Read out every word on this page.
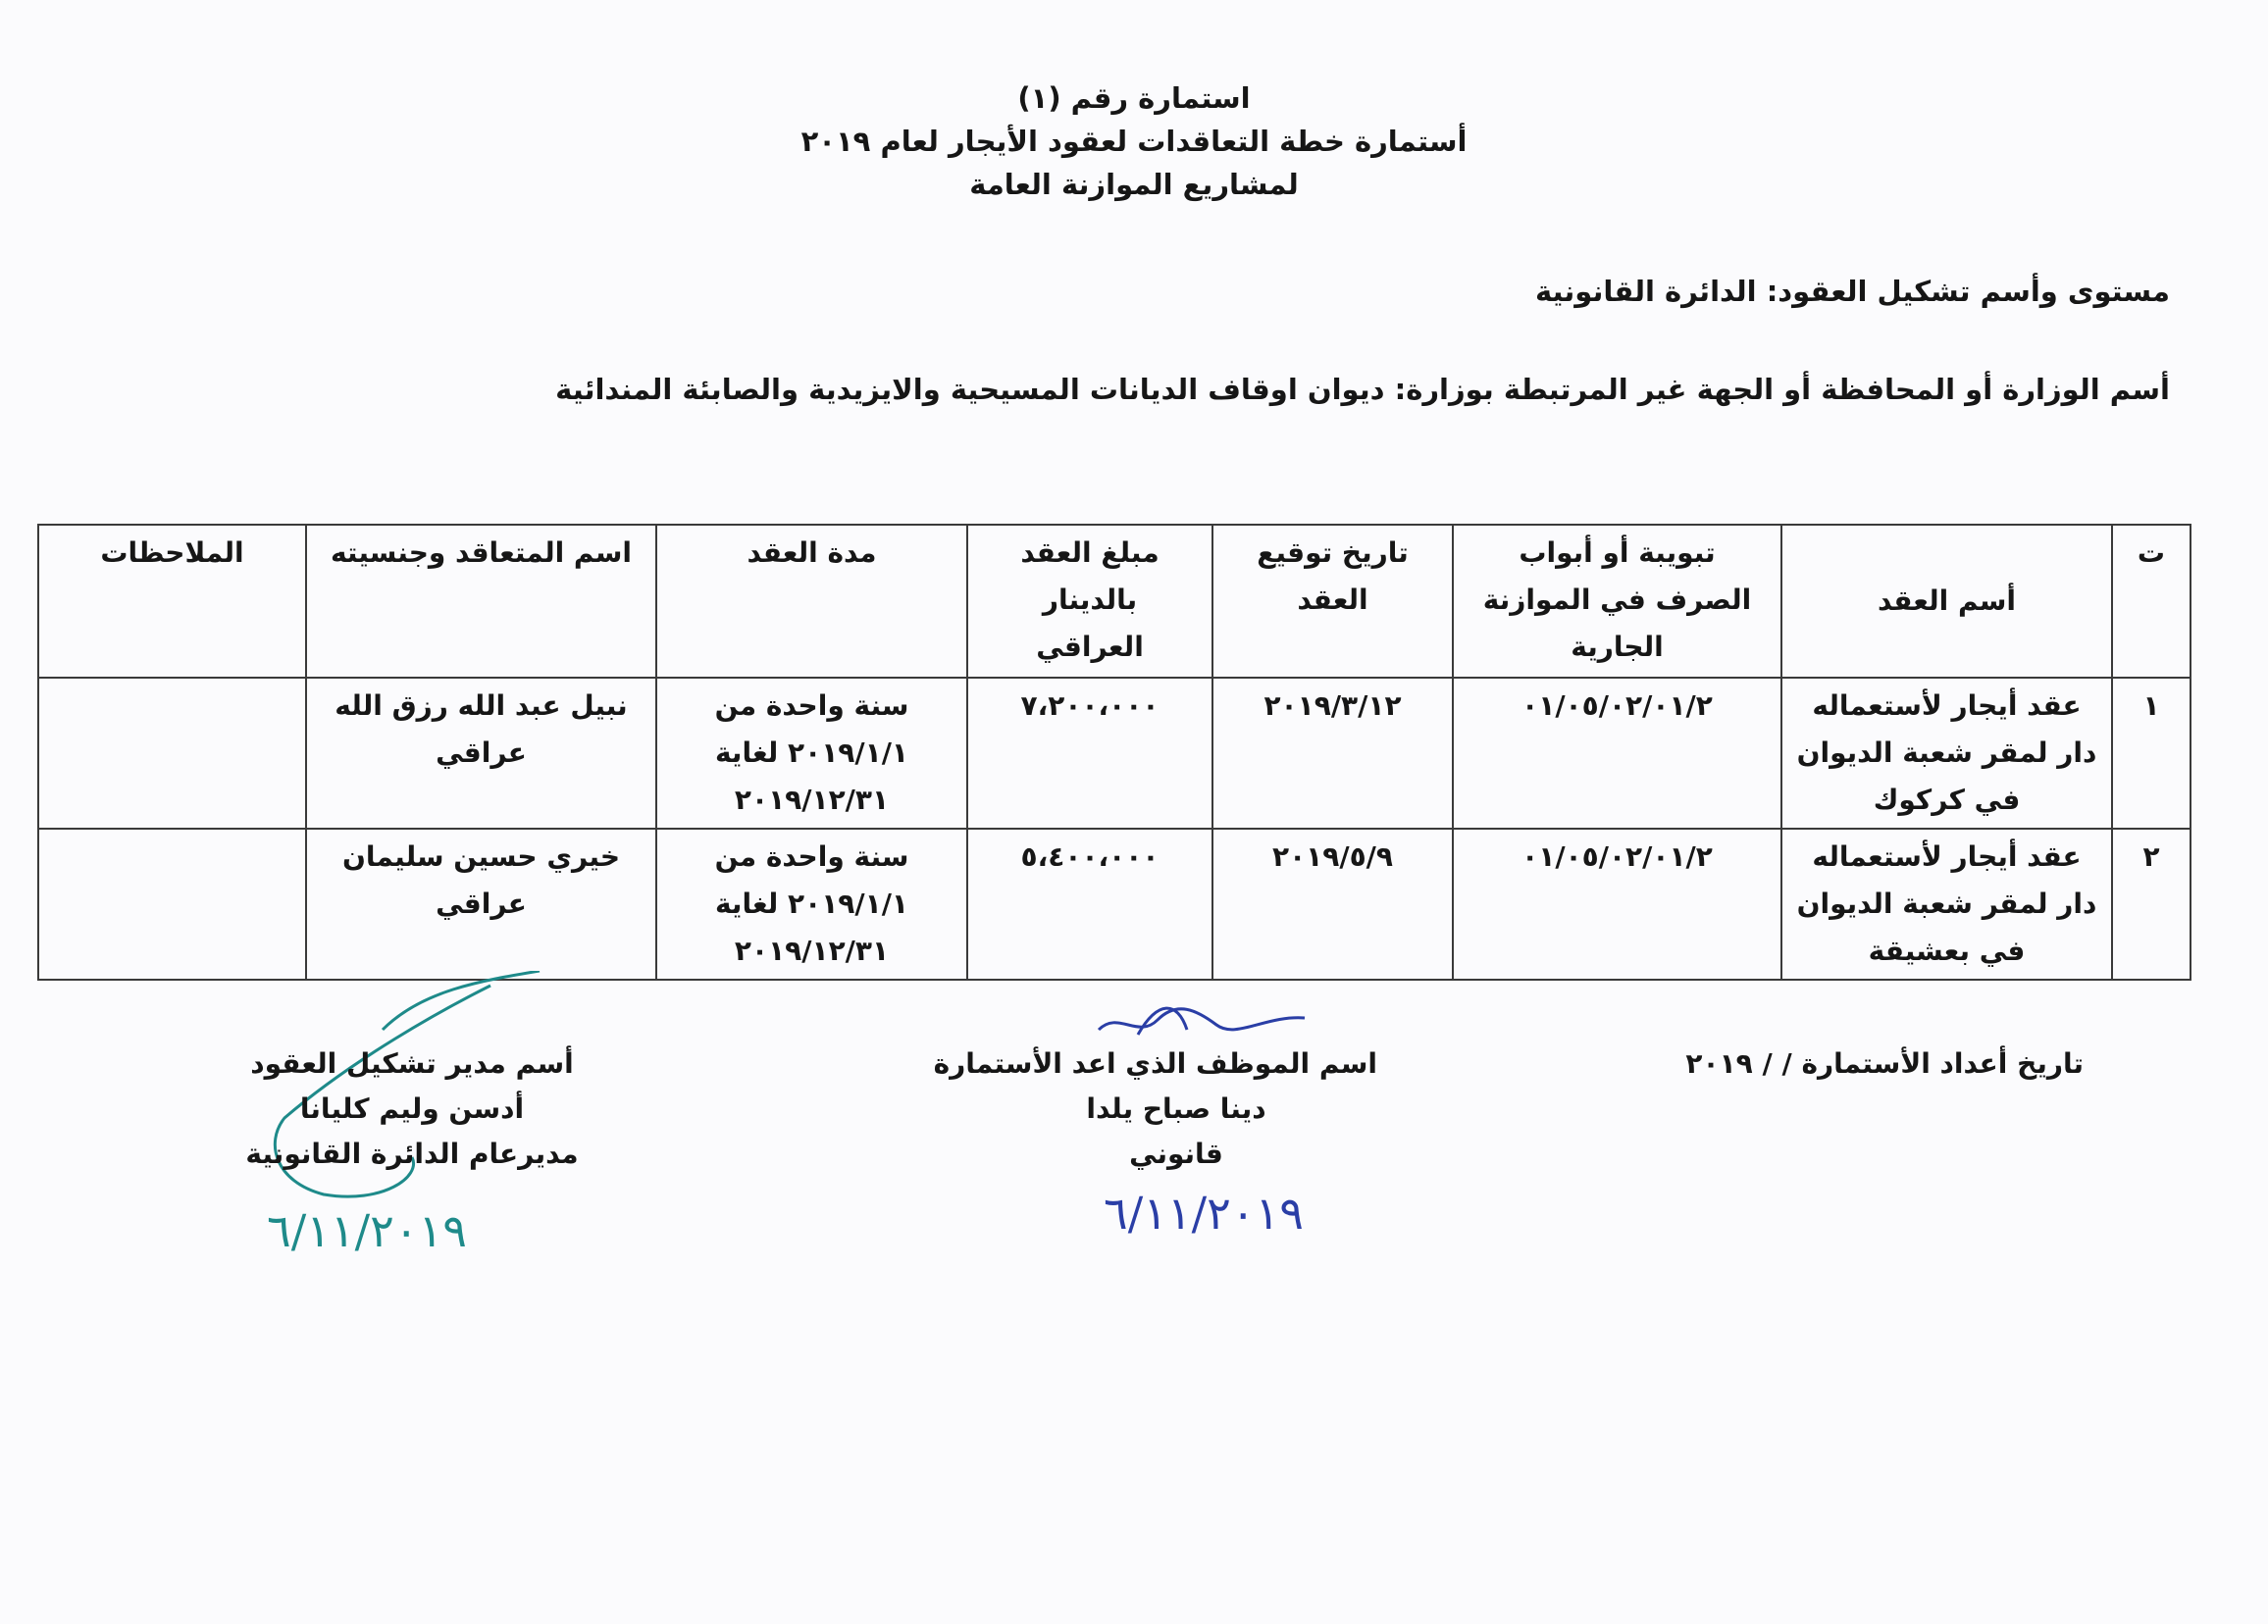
استمارة رقم (١)
أستمارة خطة التعاقدات لعقود الأيجار لعام ٢٠١٩
لمشاريع الموازنة العامة
مستوى وأسم تشكيل العقود: الدائرة القانونية
أسم الوزارة أو المحافظة أو الجهة غير المرتبطة بوزارة: ديوان اوقاف الديانات المسيحية والايزيدية والصابئة المندائية
ت	أسم العقد	تبويبة أو أبواب
الصرف في الموازنة
الجارية	تاريخ توقيع
العقد	مبلغ العقد
بالدينار
العراقي	مدة العقد	اسم المتعاقد وجنسيته	الملاحظات
١	عقد أيجار لأستعماله
دار لمقر شعبة الديوان
في كركوك	٠١/٠٥/٠٢/٠١/٢	٢٠١٩/٣/١٢	٧،٢٠٠،٠٠٠	سنة واحدة من
٢٠١٩/١/١ لغاية
٢٠١٩/١٢/٣١	نبيل عبد الله رزق الله
عراقي	

٢	عقد أيجار لأستعماله
دار لمقر شعبة الديوان
في بعشيقة	٠١/٠٥/٠٢/٠١/٢	٢٠١٩/٥/٩	٥،٤٠٠،٠٠٠	سنة واحدة من
٢٠١٩/١/١ لغاية
٢٠١٩/١٢/٣١	خيري حسين سليمان
عراقي	

تاريخ أعداد الأستمارة / / ٢٠١٩
اسم الموظف الذي اعد الأستمارة
دينا صباح يلدا
قانوني
٦/١١/٢٠١٩
أسم مدير تشكيل العقود
أدسن وليم كليانا
مديرعام الدائرة القانونية
٦/١١/٢٠١٩
